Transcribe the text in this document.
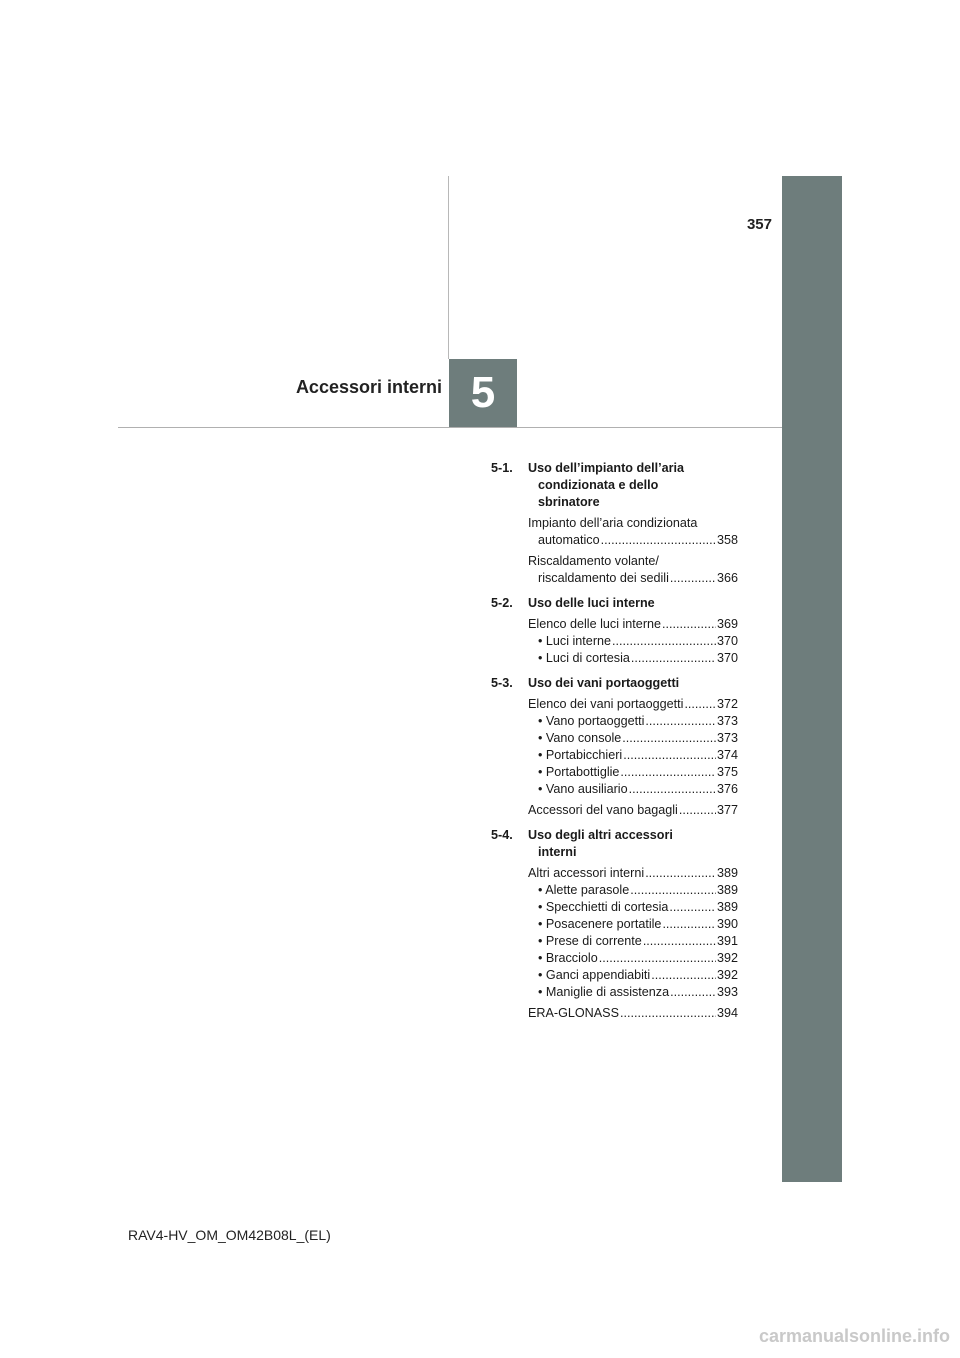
357
Accessori interni 5
5-1.	Uso dell’impianto dell’aria
condizionata e dello
sbrinatore
Impianto dell’aria condizionata
automatico .....	358
Riscaldamento volante/
riscaldamento dei sedili .....	366
5-2.	Uso delle luci interne
Elenco delle luci interne .....	369
• Luci interne .....	370
• Luci di cortesia .....	370
5-3.	Uso dei vani portaoggetti
Elenco dei vani portaoggetti .....	372
• Vano portaoggetti .....	373
• Vano console .....	373
• Portabicchieri .....	374
• Portabottiglie .....	375
• Vano ausiliario .....	376
Accessori del vano bagagli .....	377
5-4.	Uso degli altri accessori
interni
Altri accessori interni .....	389
• Alette parasole .....	389
• Specchietti di cortesia .....	389
• Posacenere portatile .....	390
• Prese di corrente .....	391
• Bracciolo .....	392
• Ganci appendiabiti .....	392
• Maniglie di assistenza .....	393
ERA-GLONASS .....	394
RAV4-HV_OM_OM42B08L_(EL)
carmanualsonline.info
